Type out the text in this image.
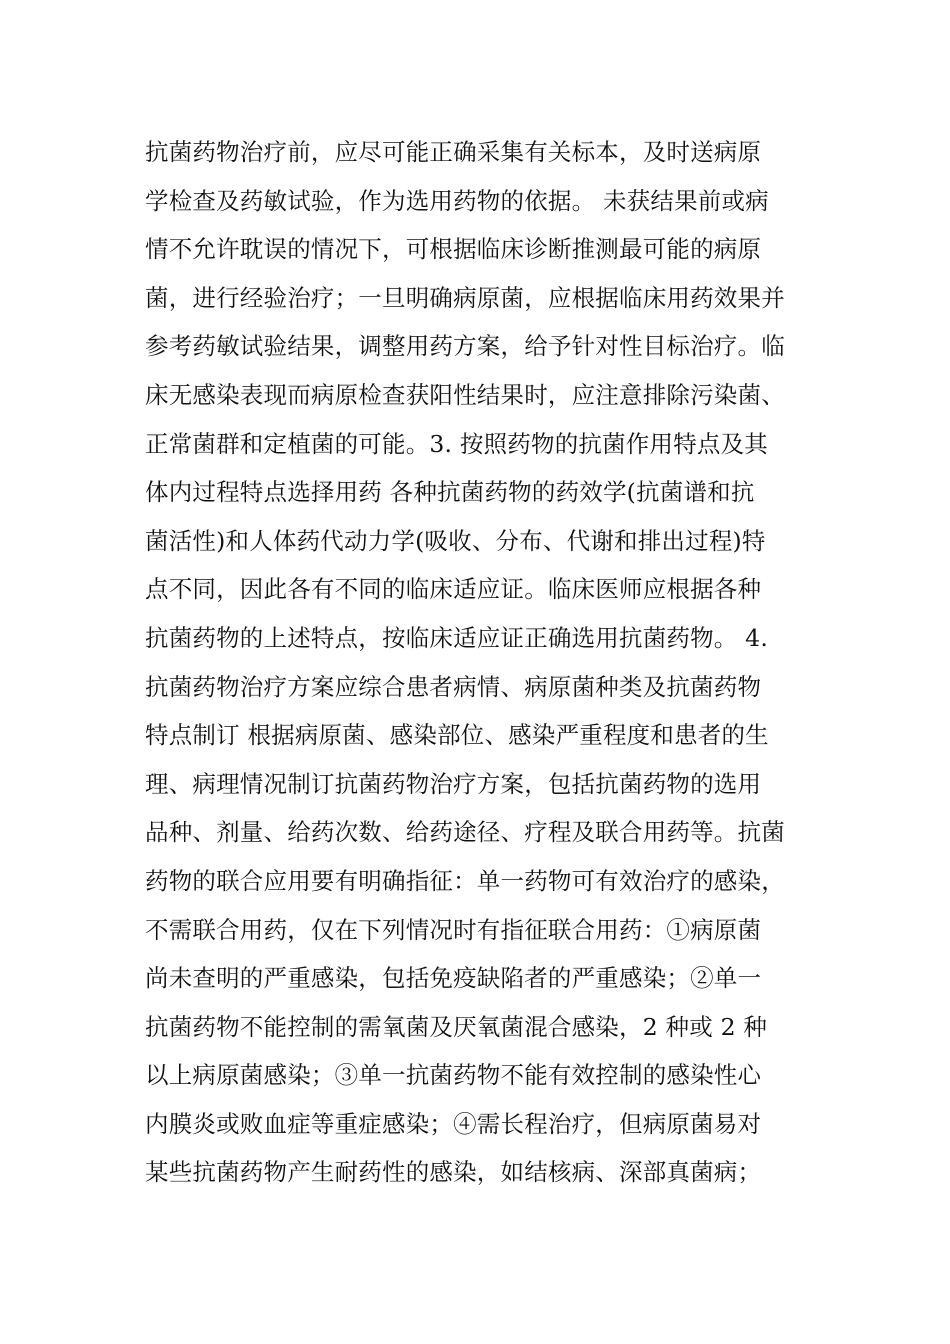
抗菌药物治疗前，应尽可能正确采集有关标本，及时送病原
学检查及药敏试验，作为选用药物的依据。 未获结果前或病
情不允许耽误的情况下，可根据临床诊断推测最可能的病原
菌，进行经验治疗；一旦明确病原菌，应根据临床用药效果并
参考药敏试验结果，调整用药方案，给予针对性目标治疗。临
床无感染表现而病原检查获阳性结果时，应注意排除污染菌、
正常菌群和定植菌的可能。3. 按照药物的抗菌作用特点及其
体内过程特点选择用药 各种抗菌药物的药效学(抗菌谱和抗
菌活性)和人体药代动力学(吸收、分布、代谢和排出过程)特
点不同，因此各有不同的临床适应证。临床医师应根据各种
抗菌药物的上述特点，按临床适应证正确选用抗菌药物。 4.
抗菌药物治疗方案应综合患者病情、病原菌种类及抗菌药物
特点制订 根据病原菌、感染部位、感染严重程度和患者的生
理、病理情况制订抗菌药物治疗方案，包括抗菌药物的选用
品种、剂量、给药次数、给药途径、疗程及联合用药等。抗菌
药物的联合应用要有明确指征：单一药物可有效治疗的感染，
不需联合用药，仅在下列情况时有指征联合用药：①病原菌
尚未查明的严重感染，包括免疫缺陷者的严重感染；②单一
抗菌药物不能控制的需氧菌及厌氧菌混合感染，2 种或 2 种
以上病原菌感染；③单一抗菌药物不能有效控制的感染性心
内膜炎或败血症等重症感染；④需长程治疗，但病原菌易对
某些抗菌药物产生耐药性的感染，如结核病、深部真菌病；
